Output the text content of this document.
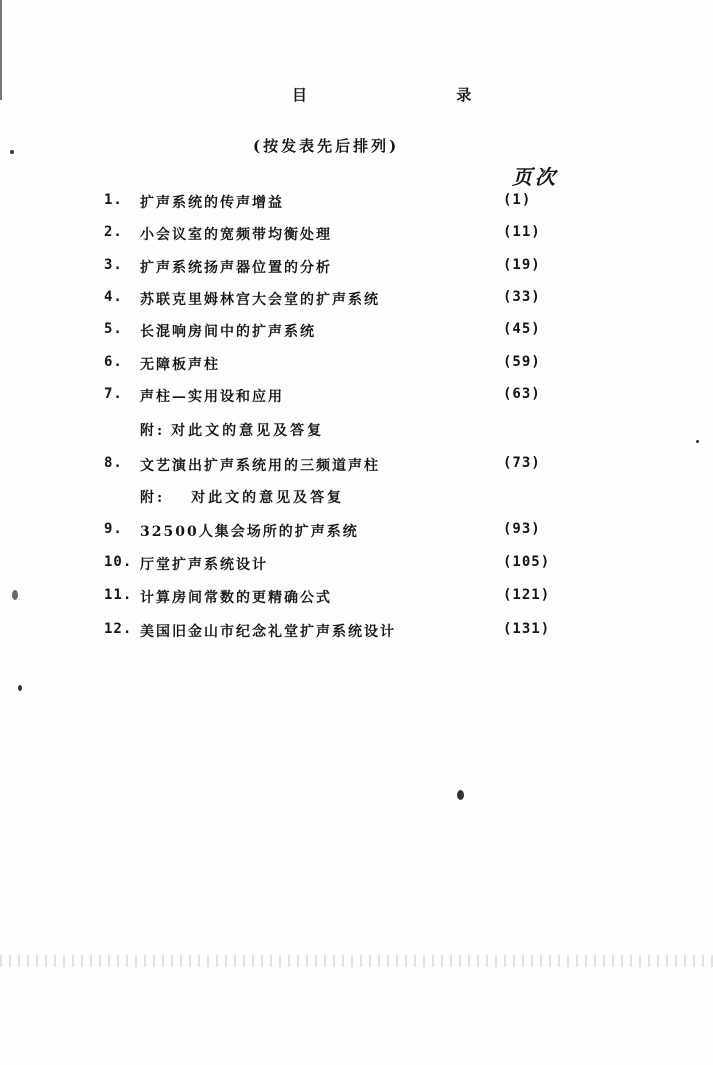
目 录
(按发表先后排列)
页次
1. 扩声系统的传声增益	(1)
2. 小会议室的宽频带均衡处理	(11)
3. 扩声系统扬声器位置的分析	(19)
4. 苏联克里姆林宫大会堂的扩声系统	(33)
5. 长混响房间中的扩声系统	(45)
6. 无障板声柱	(59)
7. 声柱—实用设和应用	(63)
附: 对此文的意见及答复
8. 文艺演出扩声系统用的三频道声柱	(73)
附: 对此文的意见及答复
9. 32500人集会场所的扩声系统	(93)
10. 厅堂扩声系统设计	(105)
11. 计算房间常数的更精确公式	(121)
12. 美国旧金山市纪念礼堂扩声系统设计	(131)
